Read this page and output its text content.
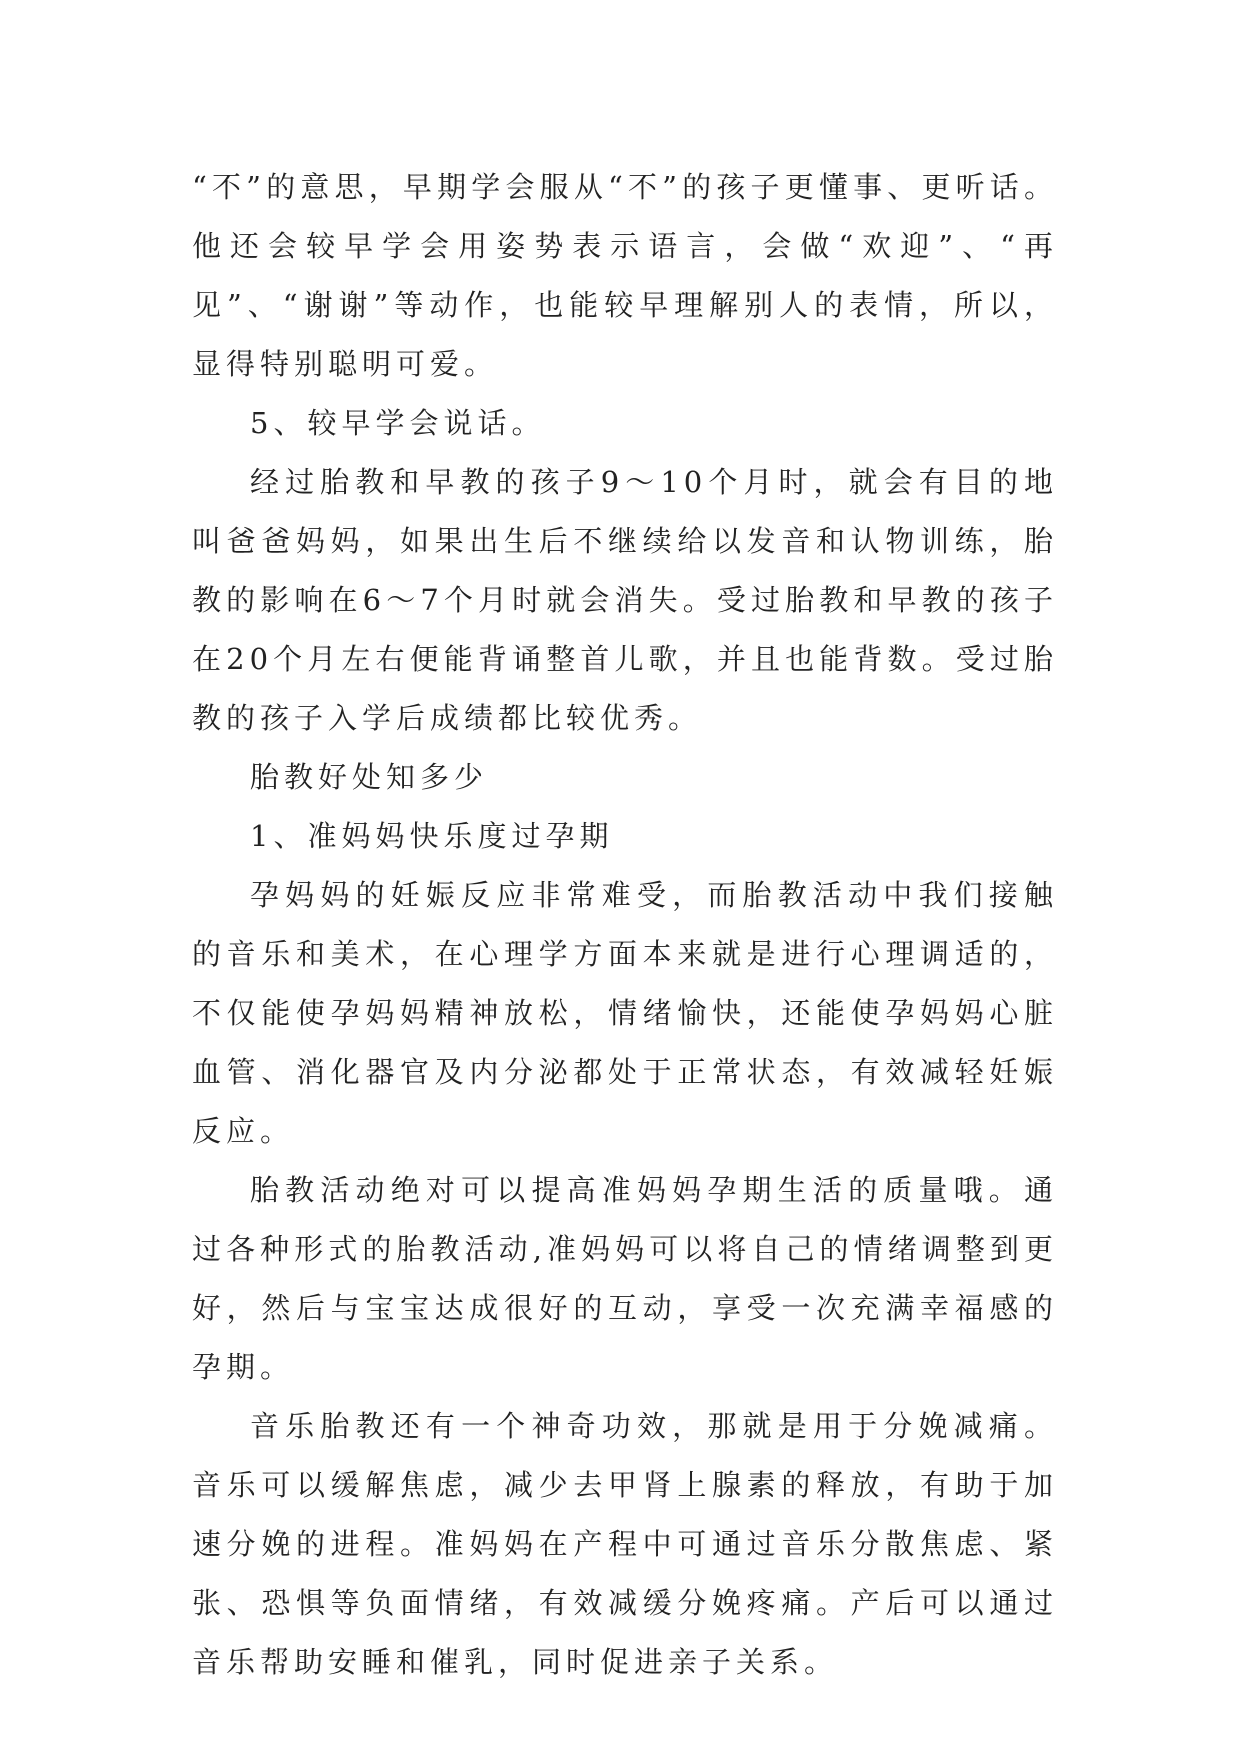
“不”的意思，早期学会服从“不”的孩子更懂事、更听话。他还会较早学会用姿势表示语言，会做“欢迎”、“再见”、“谢谢”等动作，也能较早理解别人的表情，所以，显得特别聪明可爱。

5、较早学会说话。

经过胎教和早教的孩子9～10个月时，就会有目的地叫爸爸妈妈，如果出生后不继续给以发音和认物训练，胎教的影响在6～7个月时就会消失。受过胎教和早教的孩子在20个月左右便能背诵整首儿歌，并且也能背数。受过胎教的孩子入学后成绩都比较优秀。

胎教好处知多少

1、准妈妈快乐度过孕期

孕妈妈的妊娠反应非常难受，而胎教活动中我们接触的音乐和美术，在心理学方面本来就是进行心理调适的，不仅能使孕妈妈精神放松，情绪愉快，还能使孕妈妈心脏血管、消化器官及内分泌都处于正常状态，有效减轻妊娠反应。

胎教活动绝对可以提高准妈妈孕期生活的质量哦。通过各种形式的胎教活动,准妈妈可以将自己的情绪调整到更好，然后与宝宝达成很好的互动，享受一次充满幸福感的孕期。

音乐胎教还有一个神奇功效，那就是用于分娩减痛。音乐可以缓解焦虑，减少去甲肾上腺素的释放，有助于加速分娩的进程。准妈妈在产程中可通过音乐分散焦虑、紧张、恐惧等负面情绪，有效减缓分娩疼痛。产后可以通过音乐帮助安睡和催乳，同时促进亲子关系。
